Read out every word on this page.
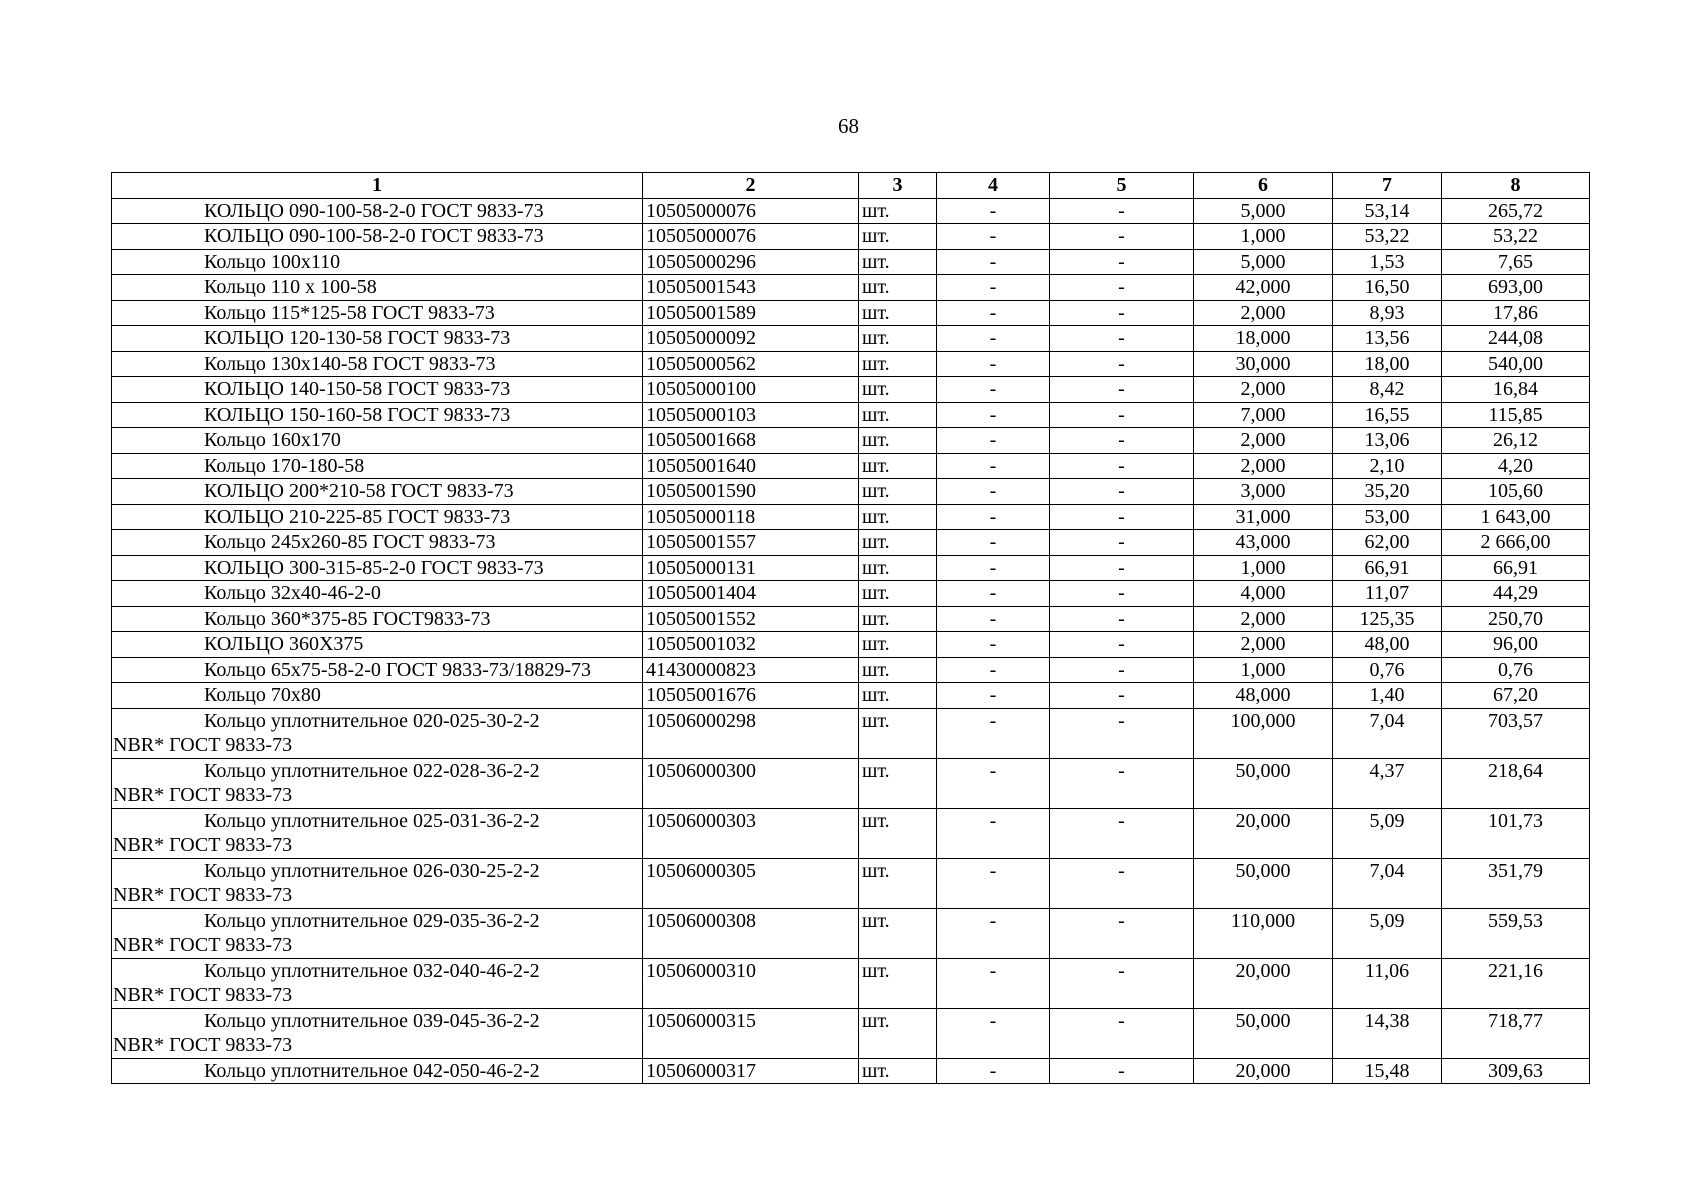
68
1	2	3	4	5	6	7	8

КОЛЬЦО 090-100-58-2-0 ГОСТ 9833-73	10505000076	шт.	-	-	5,000	53,14	265,72

КОЛЬЦО 090-100-58-2-0 ГОСТ 9833-73	10505000076	шт.	-	-	1,000	53,22	53,22

Кольцо 100х110	10505000296	шт.	-	-	5,000	1,53	7,65

Кольцо 110 х 100-58	10505001543	шт.	-	-	42,000	16,50	693,00

Кольцо 115*125-58 ГОСТ 9833-73	10505001589	шт.	-	-	2,000	8,93	17,86

КОЛЬЦО 120-130-58 ГОСТ 9833-73	10505000092	шт.	-	-	18,000	13,56	244,08

Кольцо 130х140-58 ГОСТ 9833-73	10505000562	шт.	-	-	30,000	18,00	540,00

КОЛЬЦО 140-150-58 ГОСТ 9833-73	10505000100	шт.	-	-	2,000	8,42	16,84

КОЛЬЦО 150-160-58 ГОСТ 9833-73	10505000103	шт.	-	-	7,000	16,55	115,85

Кольцо 160х170	10505001668	шт.	-	-	2,000	13,06	26,12

Кольцо 170-180-58	10505001640	шт.	-	-	2,000	2,10	4,20

КОЛЬЦО 200*210-58 ГОСТ 9833-73	10505001590	шт.	-	-	3,000	35,20	105,60

КОЛЬЦО 210-225-85 ГОСТ 9833-73	10505000118	шт.	-	-	31,000	53,00	1 643,00

Кольцо 245х260-85 ГОСТ 9833-73	10505001557	шт.	-	-	43,000	62,00	2 666,00

КОЛЬЦО 300-315-85-2-0 ГОСТ 9833-73	10505000131	шт.	-	-	1,000	66,91	66,91

Кольцо 32х40-46-2-0	10505001404	шт.	-	-	4,000	11,07	44,29

Кольцо 360*375-85 ГОСТ9833-73	10505001552	шт.	-	-	2,000	125,35	250,70

КОЛЬЦО 360Х375	10505001032	шт.	-	-	2,000	48,00	96,00

Кольцо 65х75-58-2-0 ГОСТ 9833-73/18829-73	41430000823	шт.	-	-	1,000	0,76	0,76

Кольцо 70х80	10505001676	шт.	-	-	48,000	1,40	67,20

Кольцо уплотнительное 020-025-30-2-2
NBR* ГОСТ 9833-73	10506000298	шт.	-	-	100,000	7,04	703,57

Кольцо уплотнительное 022-028-36-2-2
NBR* ГОСТ 9833-73	10506000300	шт.	-	-	50,000	4,37	218,64

Кольцо уплотнительное 025-031-36-2-2
NBR* ГОСТ 9833-73	10506000303	шт.	-	-	20,000	5,09	101,73

Кольцо уплотнительное 026-030-25-2-2
NBR* ГОСТ 9833-73	10506000305	шт.	-	-	50,000	7,04	351,79

Кольцо уплотнительное 029-035-36-2-2
NBR* ГОСТ 9833-73	10506000308	шт.	-	-	110,000	5,09	559,53

Кольцо уплотнительное 032-040-46-2-2
NBR* ГОСТ 9833-73	10506000310	шт.	-	-	20,000	11,06	221,16

Кольцо уплотнительное 039-045-36-2-2
NBR* ГОСТ 9833-73	10506000315	шт.	-	-	50,000	14,38	718,77

Кольцо уплотнительное 042-050-46-2-2	10506000317	шт.	-	-	20,000	15,48	309,63
